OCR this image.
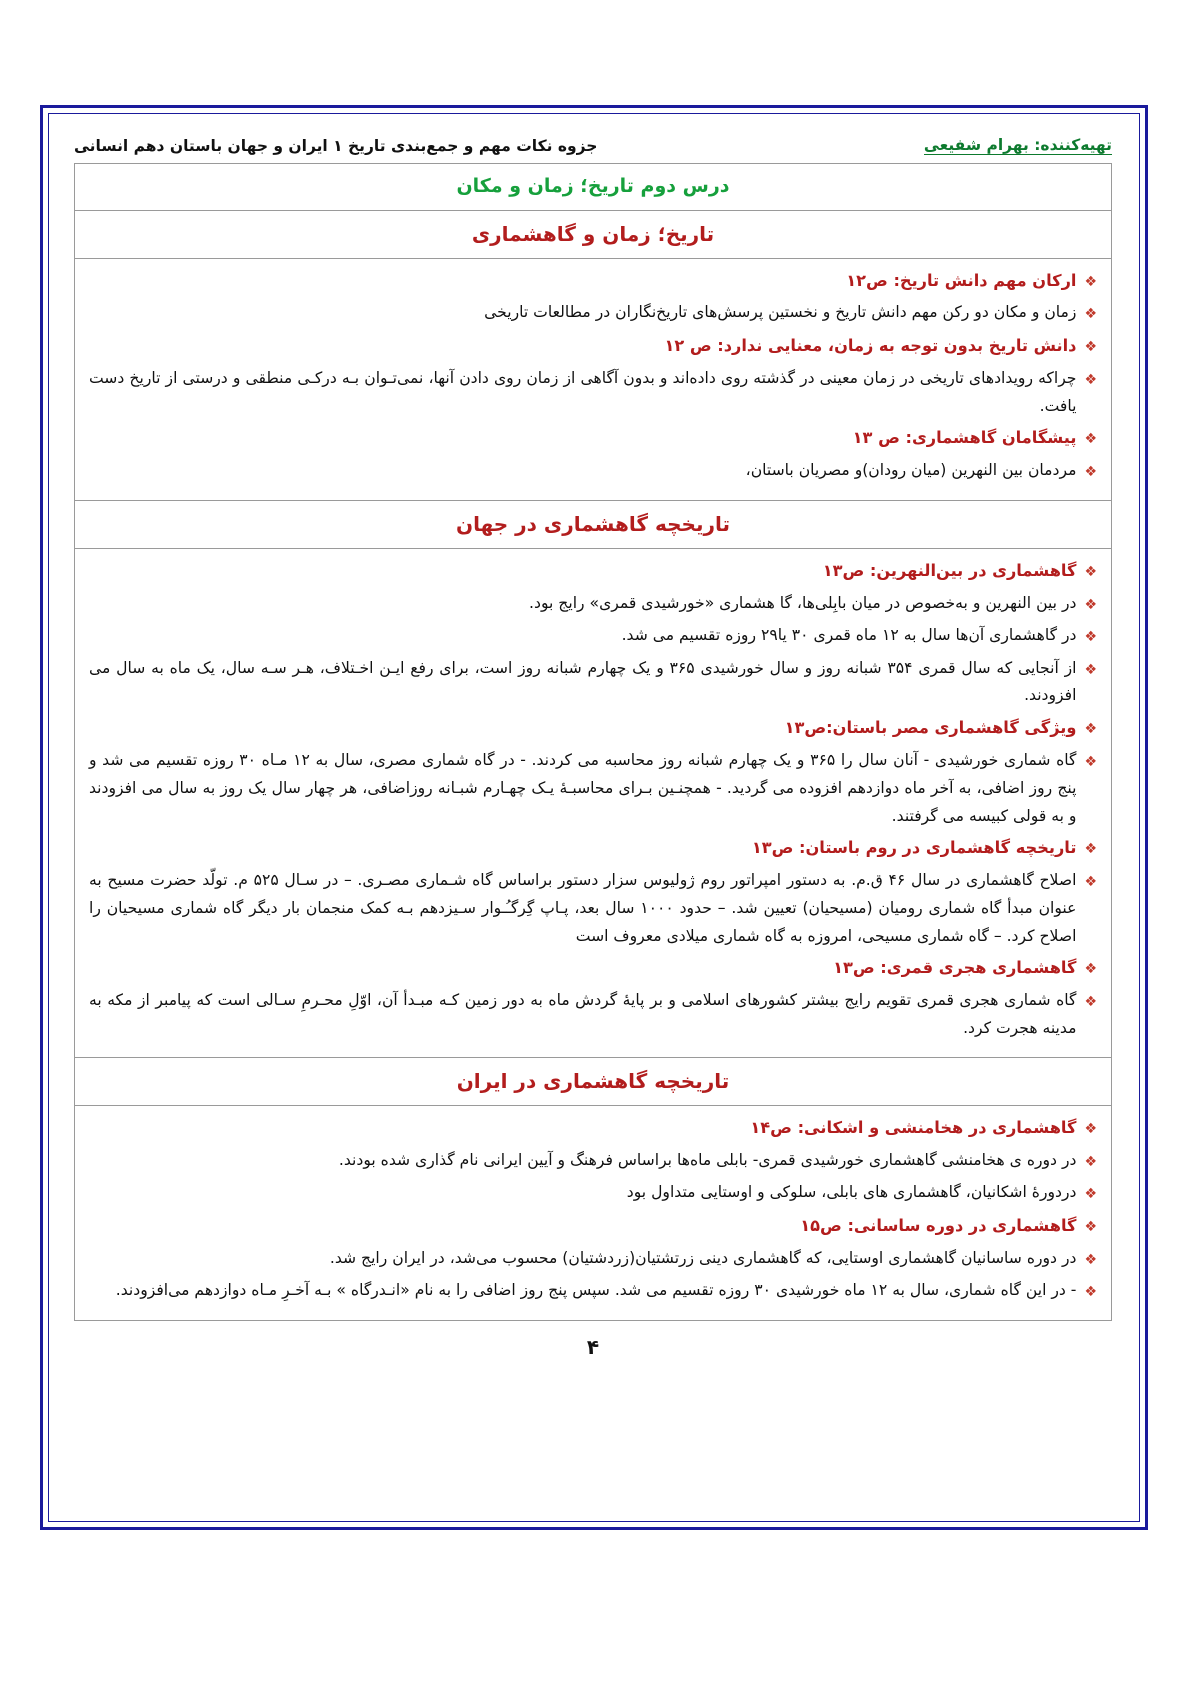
تهیه‌کننده: بهرام شفیعی
جزوه نکات مهم و جمع‌بندی تاریخ ۱ ایران و جهان باستان دهم انسانی
درس دوم تاریخ؛ زمان و مکان
تاریخ؛ زمان و گاهشماری
❖
ارکان مهم دانش تاریخ: ص۱۲
❖
زمان و مکان دو رکن مهم دانش تاریخ و نخستین پرسش‌های تاریخ‌نگاران در مطالعات تاریخی
❖
دانش تاریخ بدون توجه به زمان، معنایی ندارد: ص ۱۲
❖
چراکه رویدادهای تاریخی در زمان معینی در گذشته روی داده‌اند و بدون آگاهی از زمان روی دادن آنها، نمی‌تـوان بـه درکـی منطقی و درستی از تاریخ دست یافت.
❖
پیشگامان گاهشماری: ص ۱۳
❖
مردمان بین النهرین (میان رودان)و مصریان باستان،
تاریخچه گاهشماری در جهان
❖
گاهشماری در بین‌النهرین: ص۱۳
❖
در بین النهرین و به‌خصوص در میان بابِلی‌ها، گا هشماری «خورشیدی قمری» رایج بود.
❖
در گاهشماری آن‌ها سال به ۱۲ ماه قمری ۳۰ یا۲۹ روزه تقسیم می شد.
❖
از آنجایی که سال قمری ۳۵۴ شبانه روز و سال خورشیدی ۳۶۵ و یک چهارم شبانه روز است، برای رفع ایـن اخـتلاف، هـر سـه سال، یک ماه به سال می افزودند.
❖
ویژگی گاهشماری مصر باستان:ص۱۳
❖
گاه شماری خورشیدی - آنان سال را ۳۶۵ و یک چهارم شبانه روز محاسبه می کردند. - در گاه شماری مصری، سال به ۱۲ مـاه ۳۰ روزه تقسیم می شد و پنج روز اضافی، به آخر ماه دوازدهم افزوده می گردید. - همچنـین بـرای محاسبـۀ یـک چهـارم شبـانه روزاضافی، هر چهار سال یک روز به سال می افزودند و به قولی کبیسه می گرفتند.
❖
تاریخچه گاهشماری در روم باستان: ص۱۳
❖
اصلاح گاهشماری در سال ۴۶ ق.م. به دستور امپراتور روم ژولیوس سزار دستور براساس گاه شـماری مصـری. – در سـال ۵۲۵ م. تولّد حضرت مسیح به عنوان مبدأ گاه شماری رومیان (مسیحیان) تعیین شد. – حدود ۱۰۰۰ سال بعد، پـاپ گِرگـُـوار سـیزدهم بـه کمک منجمان بار دیگر گاه شماری مسیحیان را اصلاح کرد. – گاه شماری مسیحی، امروزه به گاه شماری میلادی معروف است
❖
گاهشماری هجری قمری: ص۱۳
❖
گاه شماری هجری قمری تقویم رایج بیشتر کشورهای اسلامی و بر پایۀ گردش ماه به دور زمین کـه مبـدأ آن، اوّلِ محـرمِ سـالی است که پیامبر از مکه به مدینه هجرت کرد.
تاریخچه گاهشماری در ایران
❖
گاهشماری در هخامنشی و اشکانی: ص۱۴
❖
در دوره ی هخامنشی گاهشماری خورشیدی قمری- بابلی ماه‌ها براساس فرهنگ و آیین ایرانی نام گذاری شده بودند.
❖
دردورۀ اشکانیان، گاهشماری های بابلی، سلوکی و اوستایی متداول بود
❖
گاهشماری در دوره ساسانی: ص۱۵
❖
در دوره ساسانیان گاهشماری اوستایی، که گاهشماری دینی زرتشتیان(زردشتیان) محسوب می‌شد، در ایران رایج شد.
❖
- در این گاه شماری، سال به ۱۲ ماه خورشیدی ۳۰ روزه تقسیم می شد. سپس پنج روز اضافی را به نام «انـدرگاه » بـه آخـرِ مـاه دوازدهم می‌افزودند.
۴
